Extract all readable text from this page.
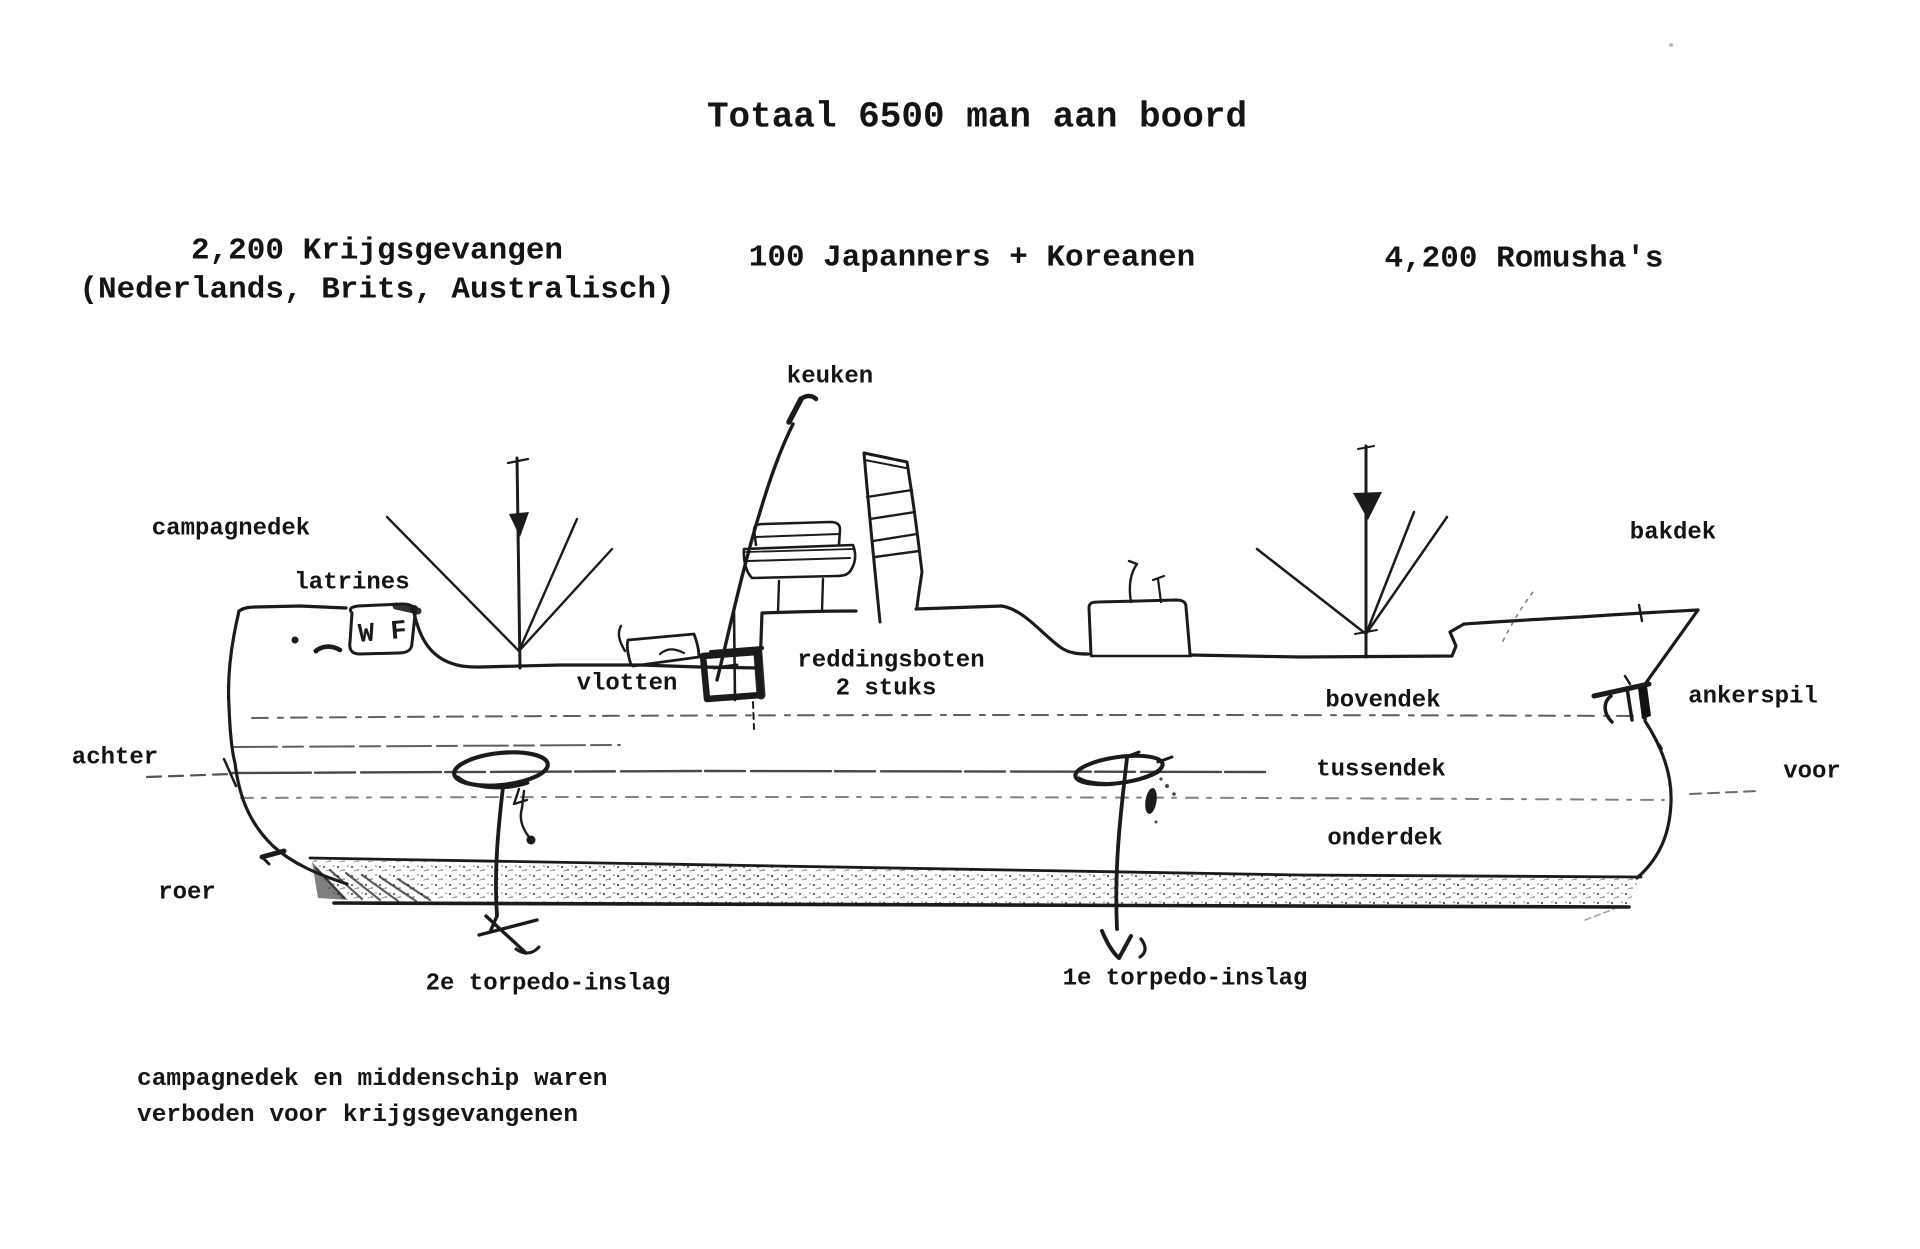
W F
Totaal 6500 man aan boord
2,200 Krijgsgevangen
(Nederlands, Brits, Australisch)
100 Japanners + Koreanen	4,200 Romusha's
keuken
campagnedek
latrines
vlotten
reddingsboten
2 stuks
bakdek
ankerspil
bovendek
tussendek
onderdek
achter
voor
roer
2e torpedo-inslag	1e torpedo-inslag
campagnedek en middenschip waren
verboden voor krijgsgevangenen
